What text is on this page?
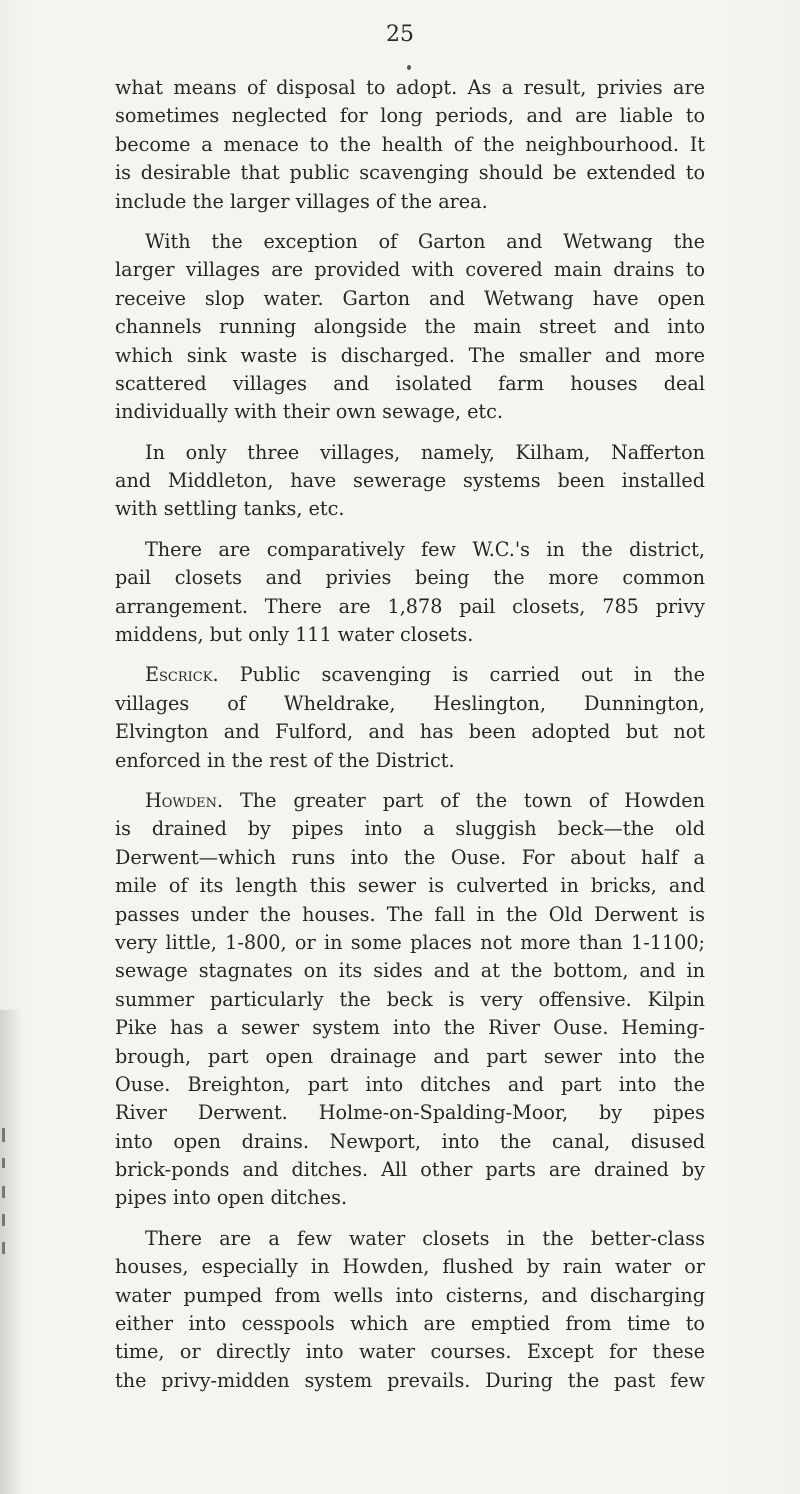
25
what means of disposal to adopt. As a result, privies are
sometimes neglected for long periods, and are liable to
become a menace to the health of the neighbourhood. It
is desirable that public scavenging should be extended to
include the larger villages of the area.
With the exception of Garton and Wetwang the
larger villages are provided with covered main drains to
receive slop water. Garton and Wetwang have open
channels running alongside the main street and into
which sink waste is discharged. The smaller and more
scattered villages and isolated farm houses deal
individually with their own sewage, etc.
In only three villages, namely, Kilham, Nafferton
and Middleton, have sewerage systems been installed
with settling tanks, etc.
There are comparatively few W.C.'s in the district,
pail closets and privies being the more common
arrangement. There are 1,878 pail closets, 785 privy
middens, but only 111 water closets.
Escrick. Public scavenging is carried out in the
villages of Wheldrake, Heslington, Dunnington,
Elvington and Fulford, and has been adopted but not
enforced in the rest of the District.
Howden. The greater part of the town of Howden
is drained by pipes into a sluggish beck—the old
Derwent—which runs into the Ouse. For about half a
mile of its length this sewer is culverted in bricks, and
passes under the houses. The fall in the Old Derwent is
very little, 1-800, or in some places not more than 1-1100;
sewage stagnates on its sides and at the bottom, and in
summer particularly the beck is very offensive. Kilpin
Pike has a sewer system into the River Ouse. Heming-
brough, part open drainage and part sewer into the
Ouse. Breighton, part into ditches and part into the
River Derwent. Holme-on-Spalding-Moor, by pipes
into open drains. Newport, into the canal, disused
brick-ponds and ditches. All other parts are drained by
pipes into open ditches.
There are a few water closets in the better-class
houses, especially in Howden, flushed by rain water or
water pumped from wells into cisterns, and discharging
either into cesspools which are emptied from time to
time, or directly into water courses. Except for these
the privy-midden system prevails. During the past few
